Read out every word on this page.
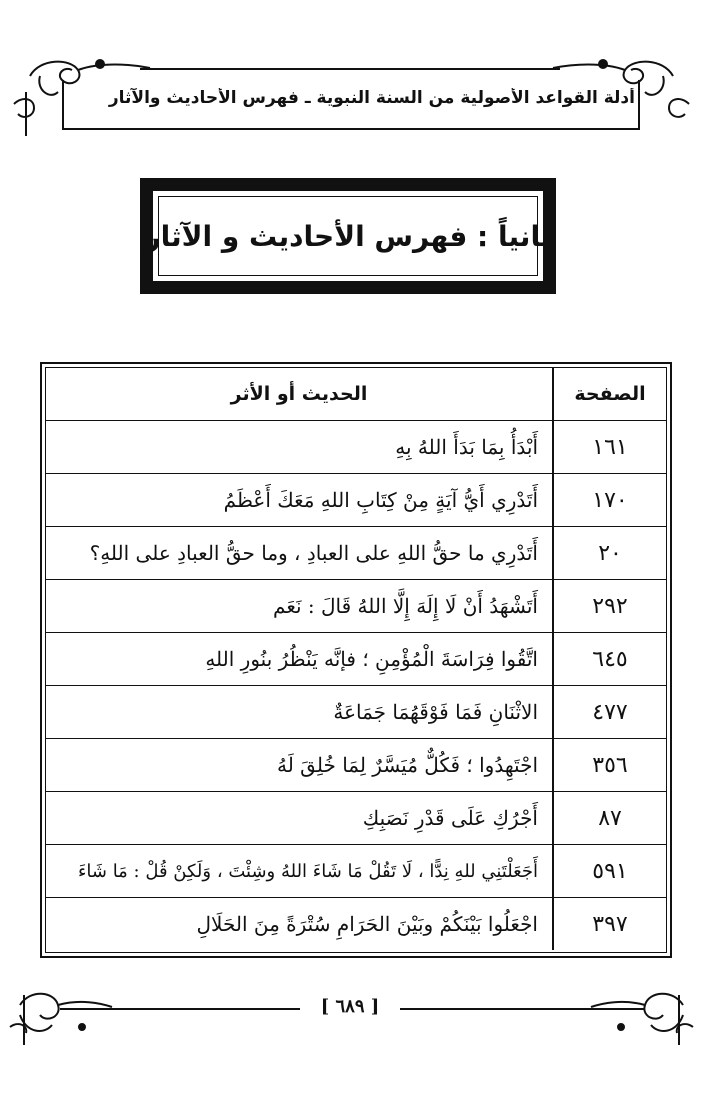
أدلة القواعد الأصولية من السنة النبوية ـ فهرس الأحاديث والآثار
ثانياً : فهرس الأحاديث و الآثار
الصفحة
الحديث أو الأثر
١٦١
أَبْدَأُ بِمَا بَدَأَ اللهُ بِهِ
١٧٠
أَتَدْرِي أَيُّ آيَةٍ مِنْ كِتَابِ اللهِ مَعَكَ أَعْظَمُ
٢٠
أَتَدْرِي ما حقُّ اللهِ على العبادِ ، وما حقُّ العبادِ على اللهِ؟
٢٩٢
أَتَشْهَدُ أَنْ لَا إِلَهَ إِلَّا اللهُ قَالَ : نَعَم
٦٤٥
اتَّقُوا فِرَاسَةَ الْمُؤْمِنِ ؛ فإنَّه يَنْظُرُ بنُورِ اللهِ
٤٧٧
الاثْنَانِ فَمَا فَوْقَهُمَا جَمَاعَةٌ
٣٥٦
اجْتَهِدُوا ؛ فَكُلٌّ مُيَسَّرٌ لِمَا خُلِقَ لَهُ
٨٧
أَجْرُكِ عَلَى قَدْرِ نَصَبِكِ
٥٩١
أَجَعَلْتَنِي للهِ نِدًّا ، لَا تَقُلْ مَا شَاءَ اللهُ وشِئْتَ ، وَلَكِنْ قُلْ : مَا شَاءَ
٣٩٧
اجْعَلُوا بَيْنَكُمْ وبَيْنَ الحَرَامِ سُتْرَةً مِنَ الحَلَالِ
[ ٦٨٩ ]
